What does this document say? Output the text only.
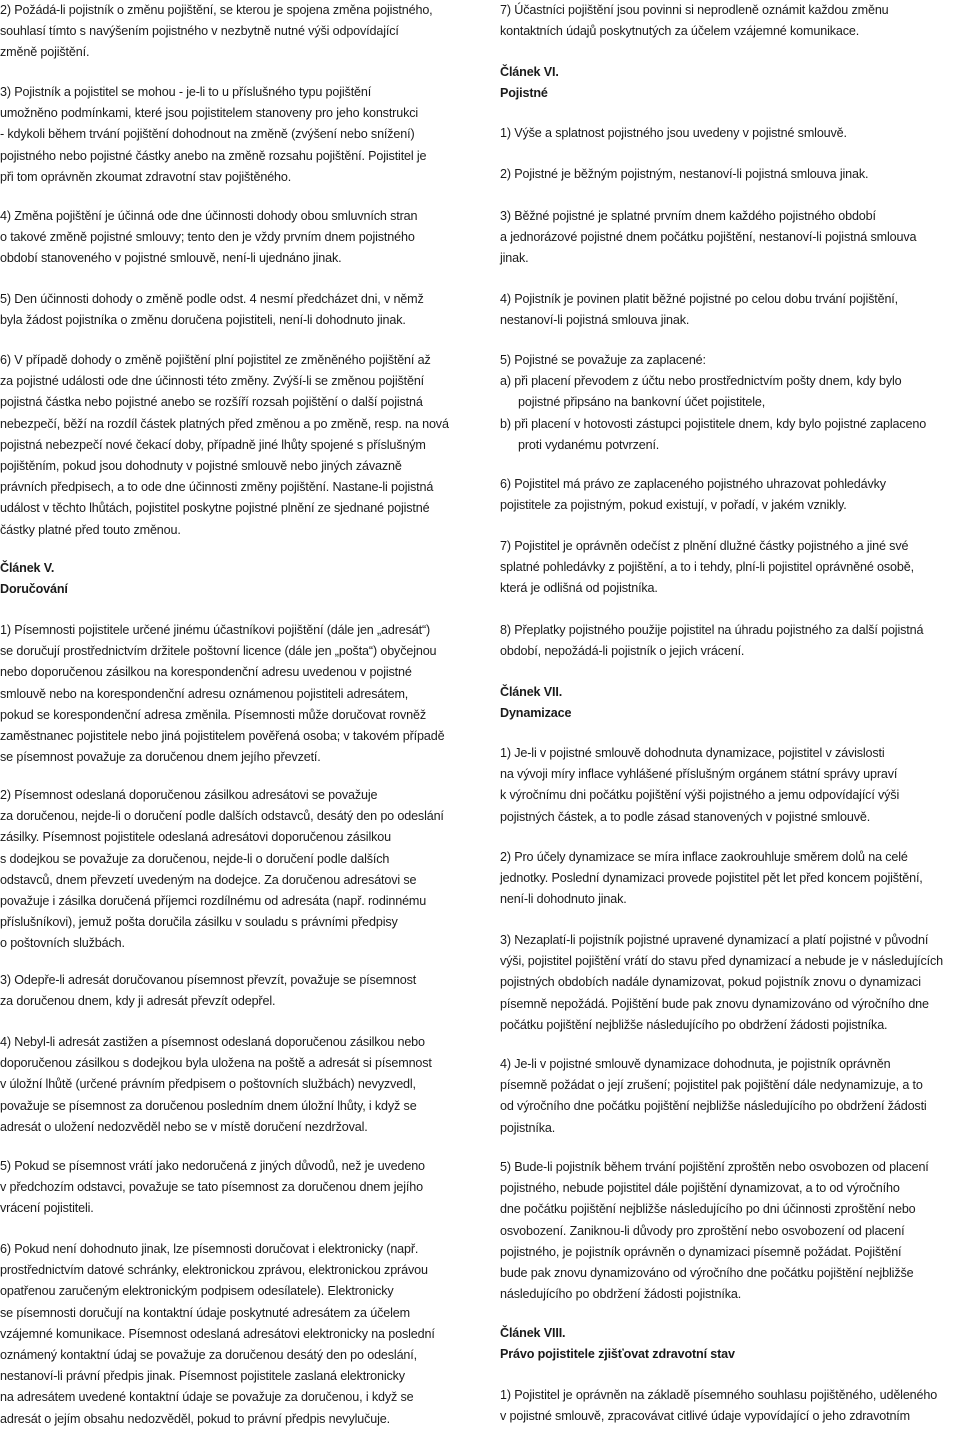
2) Požádá-li pojistník o změnu pojištění, se kterou je spojena změna pojistného,
souhlasí tímto s navýšením pojistného v nezbytně nutné výši odpovídající
změně pojištění.
3) Pojistník a pojistitel se mohou - je-li to u příslušného typu pojištění
umožněno podmínkami, které jsou pojistitelem stanoveny pro jeho konstrukci
- kdykoli během trvání pojištění dohodnout na změně (zvýšení nebo snížení)
pojistného nebo pojistné částky anebo na změně rozsahu pojištění. Pojistitel je
při tom oprávněn zkoumat zdravotní stav pojištěného.
4) Změna pojištění je účinná ode dne účinnosti dohody obou smluvních stran
o takové změně pojistné smlouvy; tento den je vždy prvním dnem pojistného
období stanoveného v pojistné smlouvě, není-li ujednáno jinak.
5) Den účinnosti dohody o změně podle odst. 4 nesmí předcházet dni, v němž
byla žádost pojistníka o změnu doručena pojistiteli, není-li dohodnuto jinak.
6) V případě dohody o změně pojištění plní pojistitel ze změněného pojištění až
za pojistné události ode dne účinnosti této změny. Zvýší-li se změnou pojištění
pojistná částka nebo pojistné anebo se rozšíří rozsah pojištění o další pojistná
nebezpečí, běží na rozdíl částek platných před změnou a po změně, resp. na nová
pojistná nebezpečí nové čekací doby, případně jiné lhůty spojené s příslušným
pojištěním, pokud jsou dohodnuty v pojistné smlouvě nebo jiných závazně
právních předpisech, a to ode dne účinnosti změny pojištění. Nastane-li pojistná
událost v těchto lhůtách, pojistitel poskytne pojistné plnění ze sjednané pojistné
částky platné před touto změnou.
Článek V.
Doručování
1) Písemnosti pojistitele určené jinému účastníkovi pojištění (dále jen „adresát“)
se doručují prostřednictvím držitele poštovní licence (dále jen „pošta“) obyčejnou
nebo doporučenou zásilkou na korespondenční adresu uvedenou v pojistné
smlouvě nebo na korespondenční adresu oznámenou pojistiteli adresátem,
pokud se korespondenční adresa změnila. Písemnosti může doručovat rovněž
zaměstnanec pojistitele nebo jiná pojistitelem pověřená osoba; v takovém případě
se písemnost považuje za doručenou dnem jejího převzetí.
2) Písemnost odeslaná doporučenou zásilkou adresátovi se považuje
za doručenou, nejde-li o doručení podle dalších odstavců, desátý den po odeslání
zásilky. Písemnost pojistitele odeslaná adresátovi doporučenou zásilkou
s dodejkou se považuje za doručenou, nejde-li o doručení podle dalších
odstavců, dnem převzetí uvedeným na dodejce. Za doručenou adresátovi se
považuje i zásilka doručená příjemci rozdílnému od adresáta (např. rodinnému
příslušníkovi), jemuž pošta doručila zásilku v souladu s právními předpisy
o poštovních službách.
3) Odepře-li adresát doručovanou písemnost převzít, považuje se písemnost
za doručenou dnem, kdy ji adresát převzít odepřel.
4) Nebyl-li adresát zastižen a písemnost odeslaná doporučenou zásilkou nebo
doporučenou zásilkou s dodejkou byla uložena na poště a adresát si písemnost
v úložní lhůtě (určené právním předpisem o poštovních službách) nevyzvedl,
považuje se písemnost za doručenou posledním dnem úložní lhůty, i když se
adresát o uložení nedozvěděl nebo se v místě doručení nezdržoval.
5) Pokud se písemnost vrátí jako nedoručená z jiných důvodů, než je uvedeno
v předchozím odstavci, považuje se tato písemnost za doručenou dnem jejího
vrácení pojistiteli.
6) Pokud není dohodnuto jinak, lze písemnosti doručovat i elektronicky (např.
prostřednictvím datové schránky, elektronickou zprávou, elektronickou zprávou
opatřenou zaručeným elektronickým podpisem odesílatele). Elektronicky
se písemnosti doručují na kontaktní údaje poskytnuté adresátem za účelem
vzájemné komunikace. Písemnost odeslaná adresátovi elektronicky na poslední
oznámený kontaktní údaj se považuje za doručenou desátý den po odeslání,
nestanoví-li právní předpis jinak. Písemnost pojistitele zaslaná elektronicky
na adresátem uvedené kontaktní údaje se považuje za doručenou, i když se
adresát o jejím obsahu nedozvěděl, pokud to právní předpis nevylučuje.
7) Účastníci pojištění jsou povinni si neprodleně oznámit každou změnu
kontaktních údajů poskytnutých za účelem vzájemné komunikace.
Článek VI.
Pojistné
1) Výše a splatnost pojistného jsou uvedeny v pojistné smlouvě.
2) Pojistné je běžným pojistným, nestanoví-li pojistná smlouva jinak.
3) Běžné pojistné je splatné prvním dnem každého pojistného období
a jednorázové pojistné dnem počátku pojištění, nestanoví-li pojistná smlouva
jinak.
4) Pojistník je povinen platit běžné pojistné po celou dobu trvání pojištění,
nestanoví-li pojistná smlouva jinak.
5) Pojistné se považuje za zaplacené:
a) při placení převodem z účtu nebo prostřednictvím pošty dnem, kdy bylo
pojistné připsáno na bankovní účet pojistitele,
b) při placení v hotovosti zástupci pojistitele dnem, kdy bylo pojistné zaplaceno
proti vydanému potvrzení.
6) Pojistitel má právo ze zaplaceného pojistného uhrazovat pohledávky
pojistitele za pojistným, pokud existují, v pořadí, v jakém vznikly.
7) Pojistitel je oprávněn odečíst z plnění dlužné částky pojistného a jiné své
splatné pohledávky z pojištění, a to i tehdy, plní-li pojistitel oprávněné osobě,
která je odlišná od pojistníka.
8) Přeplatky pojistného použije pojistitel na úhradu pojistného za další pojistná
období, nepožádá-li pojistník o jejich vrácení.
Článek VII.
Dynamizace
1) Je-li v pojistné smlouvě dohodnuta dynamizace, pojistitel v závislosti
na vývoji míry inflace vyhlášené příslušným orgánem státní správy upraví
k výročnímu dni počátku pojištění výši pojistného a jemu odpovídající výši
pojistných částek, a to podle zásad stanovených v pojistné smlouvě.
2) Pro účely dynamizace se míra inflace zaokrouhluje směrem dolů na celé
jednotky. Poslední dynamizaci provede pojistitel pět let před koncem pojištění,
není-li dohodnuto jinak.
3) Nezaplatí-li pojistník pojistné upravené dynamizací a platí pojistné v původní
výši, pojistitel pojištění vrátí do stavu před dynamizací a nebude je v následujících
pojistných obdobích nadále dynamizovat, pokud pojistník znovu o dynamizaci
písemně nepožádá. Pojištění bude pak znovu dynamizováno od výročního dne
počátku pojištění nejbližše následujícího po obdržení žádosti pojistníka.
4) Je-li v pojistné smlouvě dynamizace dohodnuta, je pojistník oprávněn
písemně požádat o její zrušení; pojistitel pak pojištění dále nedynamizuje, a to
od výročního dne počátku pojištění nejbližše následujícího po obdržení žádosti
pojistníka.
5) Bude-li pojistník během trvání pojištění zproštěn nebo osvobozen od placení
pojistného, nebude pojistitel dále pojištění dynamizovat, a to od výročního
dne počátku pojištění nejbližše následujícího po dni účinnosti zproštění nebo
osvobození. Zaniknou-li důvody pro zproštění nebo osvobození od placení
pojistného, je pojistník oprávněn o dynamizaci písemně požádat. Pojištění
bude pak znovu dynamizováno od výročního dne počátku pojištění nejbližše
následujícího po obdržení žádosti pojistníka.
Článek VIII.
Právo pojistitele zjišťovat zdravotní stav
1) Pojistitel je oprávněn na základě písemného souhlasu pojištěného, uděleného
v pojistné smlouvě, zpracovávat citlivé údaje vypovídající o jeho zdravotním
